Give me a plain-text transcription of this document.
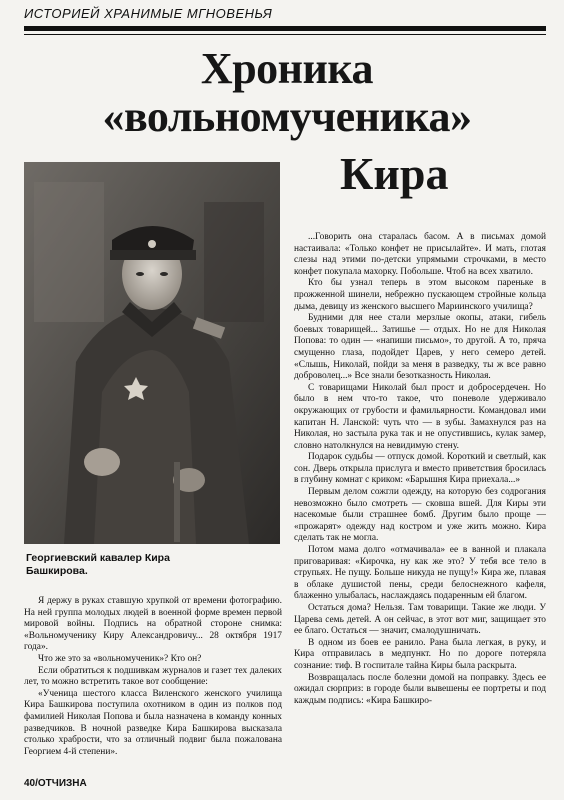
ИСТОРИЕЙ ХРАНИМЫЕ МГНОВЕНЬЯ
Хроника
«вольномученика»
Кира
Георгиевский кавалер Кира Башкирова.

Я держу в руках ставшую хрупкой от времени фотографию. На ней группа молодых людей в военной форме времен первой мировой войны. Подпись на обратной стороне снимка: «Вольномученику Киру Александровичу... 28 октября 1917 года».

Что же это за «вольномученик»? Кто он?

Если обратиться к подшивкам журналов и газет тех далеких лет, то можно встретить такое вот сообщение:

«Ученица шестого класса Виленского женского училища Кира Башкирова поступила охотником в один из полков под фамилией Николая Попова и была назначена в команду конных разведчиков. В ночной разведке Кира Башкирова высказала столько храбрости, что за отличный подвиг была пожалована Георгием 4-й степени».

...Говорить она старалась басом. А в письмах домой настаивала: «Только конфет не присылайте». И мать, глотая слезы над этими по-детски упрямыми строчками, в место конфет покупала махорку. Побольше. Чтоб на всех хватило.

Кто бы узнал теперь в этом высоком пареньке в прожженной шинели, небрежно пускающем стройные кольца дыма, девицу из женского высшего Мариинского училища?

Будними для нее стали мерзлые окопы, атаки, гибель боевых товарищей... Затишье — отдых. Но не для Николая Попова: то один — «напиши письмо», то другой. А то, пряча смущенно глаза, подойдет Царев, у него семеро детей. «Слышь, Николай, пойди за меня в разведку, ты ж все равно доброволец...» Все знали безотказность Николая.

С товарищами Николай был прост и добросердечен. Но было в нем что-то такое, что поневоле удерживало окружающих от грубости и фамильярности. Командовал ими капитан Н. Ланской: чуть что — в зубы. Замахнулся раз на Николая, но застыла рука так и не опустившись, кулак замер, словно натолкнулся на невидимую стену.

Подарок судьбы — отпуск домой. Короткий и светлый, как сон. Дверь открыла прислуга и вместо приветствия бросилась в глубину комнат с криком: «Барышня Кира приехала...»

Первым делом сожгли одежду, на которую без содрогания невозможно было смотреть — сковша вшей. Для Киры эти насекомые были страшнее бомб. Другим было проще — «прожарят» одежду над костром и уже жить можно. Кира сделать так не могла.

Потом мама долго «отмачивала» ее в ванной и плакала приговаривая: «Кирочка, ну как же это? У тебя все тело в струпьях. Не пущу. Больше никуда не пущу!» Кира же, плавая в облаке душистой пены, среди белоснежного кафеля, блаженно улыбалась, наслаждаясь подаренным ей благом.

Остаться дома? Нельзя. Там товарищи. Такие же люди. У Царева семь детей. А он сейчас, в этот вот миг, защищает это ее благо. Остаться — значит, смалодушничать.

В одном из боев ее ранило. Рана была легкая, в руку, и Кира отправилась в медпункт. Но по дороге потеряла сознание: тиф. В госпитале тайна Киры была раскрыта.

Возвращалась после болезни домой на поправку. Здесь ее ожидал сюрприз: в городе были вывешены ее портреты и под каждым подпись: «Кира Башкиро-

40/ОТЧИЗНА
